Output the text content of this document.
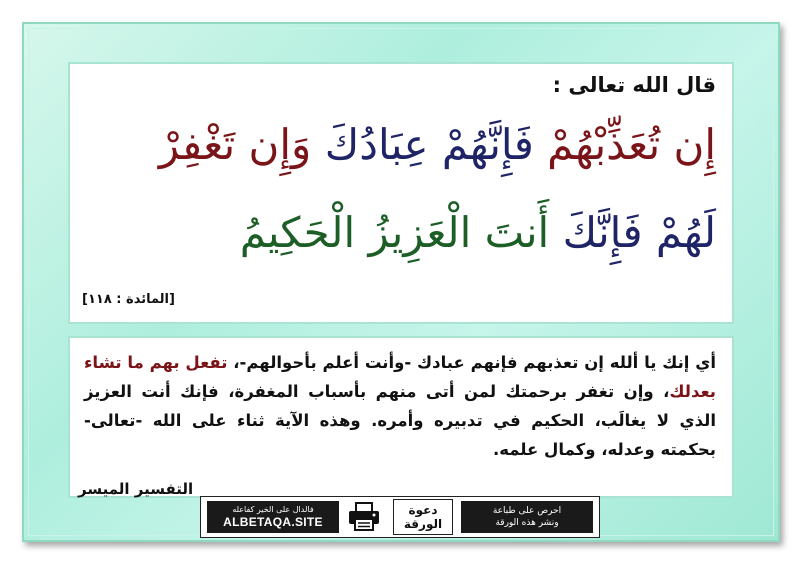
قال الله تعالى :
إِن تُعَذِّبْهُمْ فَإِنَّهُمْ عِبَادُكَ وَإِن تَغْفِرْ
لَهُمْ فَإِنَّكَ أَنتَ الْعَزِيزُ الْحَكِيمُ
[المائدة : ١١٨]
أي إنك يا ألله إن تعذبهم فإنهم عبادك -وأنت أعلم بأحوالهم-، تفعل بهم ما تشاء بعدلك، وإن تغفر برحمتك لمن أتى منهم بأسباب المغفرة، فإنك أنت العزيز الذي لا يغالَب، الحكيم في تدبيره وأمره. وهذه الآية ثناء على الله -تعالى- بحكمته وعدله، وكمال علمه.
التفسير الميسر
فالدال على الخير كفاعله
ALBETAQA.SITE
دعوة
الورقة
احرص على طباعة
ونشر هذه الورقة
